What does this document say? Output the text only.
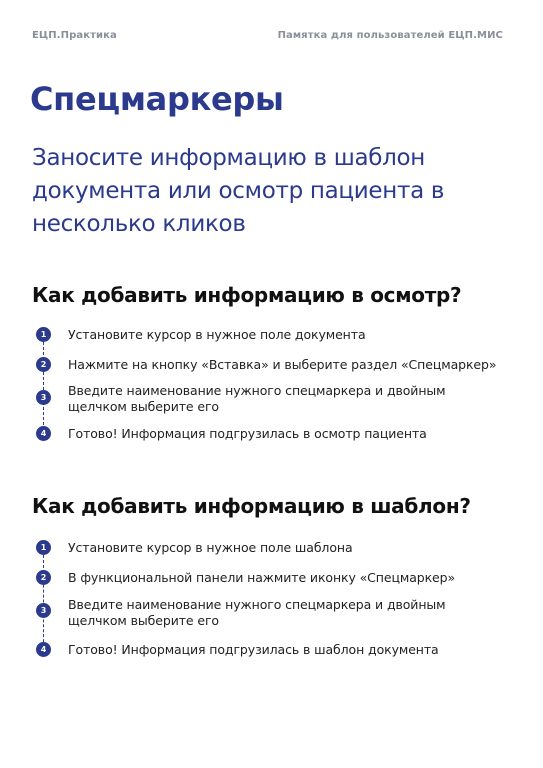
ЕЦП.Практика	Памятка для пользователей ЕЦП.МИС
Спецмаркеры

Заносите информацию в шаблон документа или осмотр пациента в несколько кликов

Как добавить информацию в осмотр?
1	Установите курсор в нужное поле документа
2	Нажмите на кнопку «Вставка» и выберите раздел «Спецмаркер»
3	Введите наименование нужного спецмаркера и двойным щелчком выберите его
4	Готово! Информация подгрузилась в осмотр пациента
Как добавить информацию в шаблон?
1	Установите курсор в нужное поле шаблона
2	В функциональной панели нажмите иконку «Спецмаркер»
3	Введите наименование нужного спецмаркера и двойным щелчком выберите его
4	Готово! Информация подгрузилась в шаблон документа
